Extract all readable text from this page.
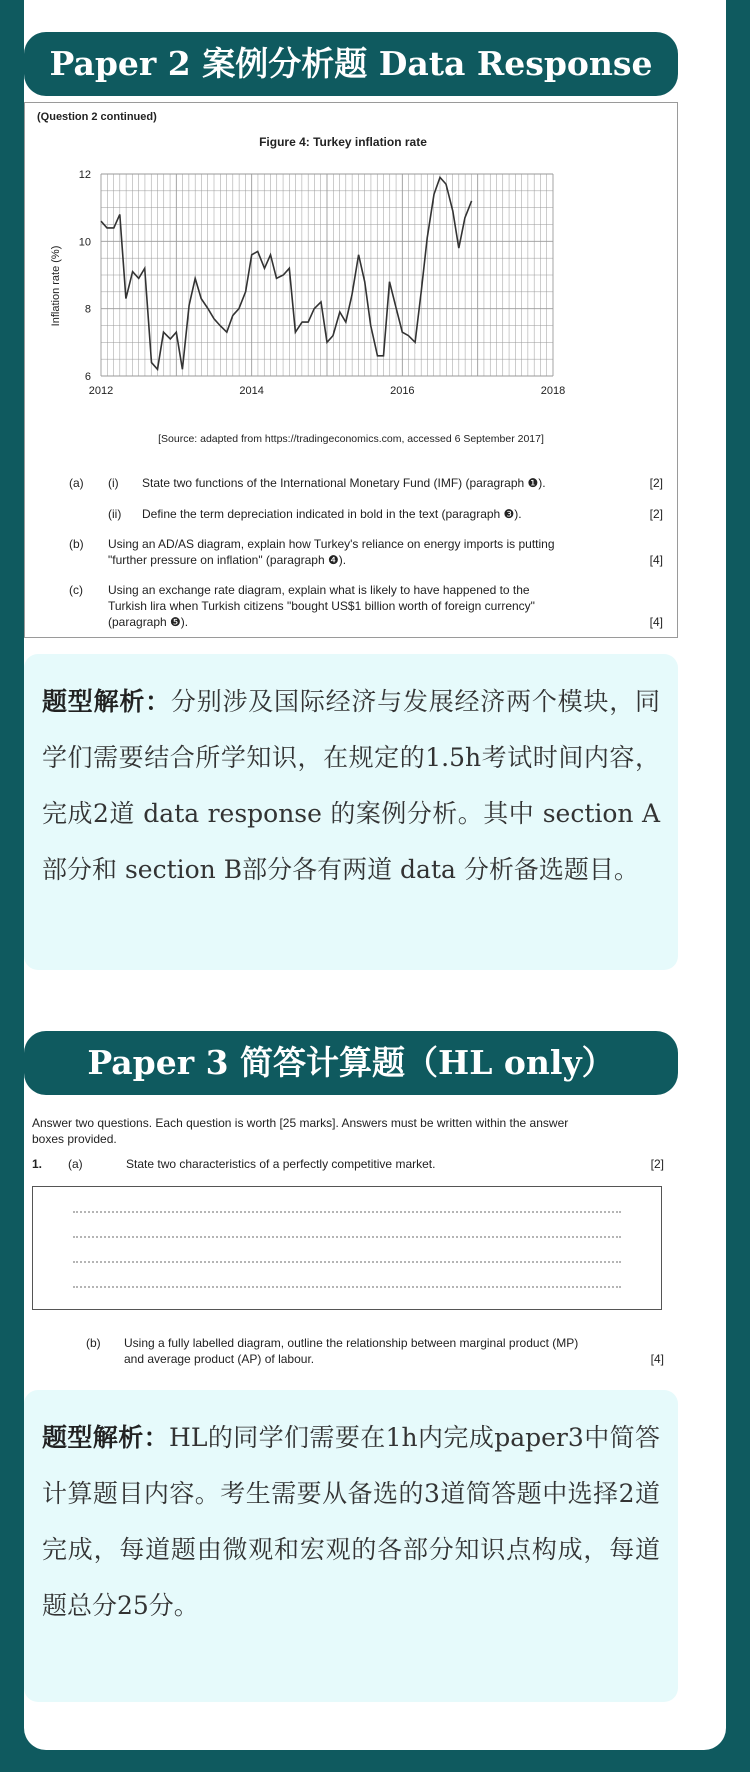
Paper 2 案例分析题 Data Response
(Question 2 continued)
Figure 4: Turkey inflation rate
Inflation rate (%)
6
8
10
12
2012	2014	2016	2018
[Source: adapted from https://tradingeconomics.com, accessed 6 September 2017]
(a) (i) State two functions of the International Monetary Fund (IMF) (paragraph ❶).	[2]
(ii) Define the term depreciation indicated in bold in the text (paragraph ❸).	[2]
(b) Using an AD/AS diagram, explain how Turkey's reliance on energy imports is putting
"further pressure on inflation" (paragraph ❹).	[4]
(c) Using an exchange rate diagram, explain what is likely to have happened to the
Turkish lira when Turkish citizens "bought US$1 billion worth of foreign currency"
(paragraph ❺).	[4]
题型解析：分别涉及国际经济与发展经济两个模块，同学们需要结合所学知识，在规定的1.5h考试时间内容，完成2道 data response 的案例分析。其中 section A 部分和 section B部分各有两道 data 分析备选题目。
Paper 3 简答计算题（HL only）
Answer two questions. Each question is worth [25 marks]. Answers must be written within the answer
boxes provided.
1. (a)	State two characteristics of a perfectly competitive market.	[2]
(b) Using a fully labelled diagram, outline the relationship between marginal product (MP)
and average product (AP) of labour.	[4]
题型解析：HL的同学们需要在1h内完成paper3中简答计算题目内容。考生需要从备选的3道简答题中选择2道完成，每道题由微观和宏观的各部分知识点构成，每道题总分25分。
